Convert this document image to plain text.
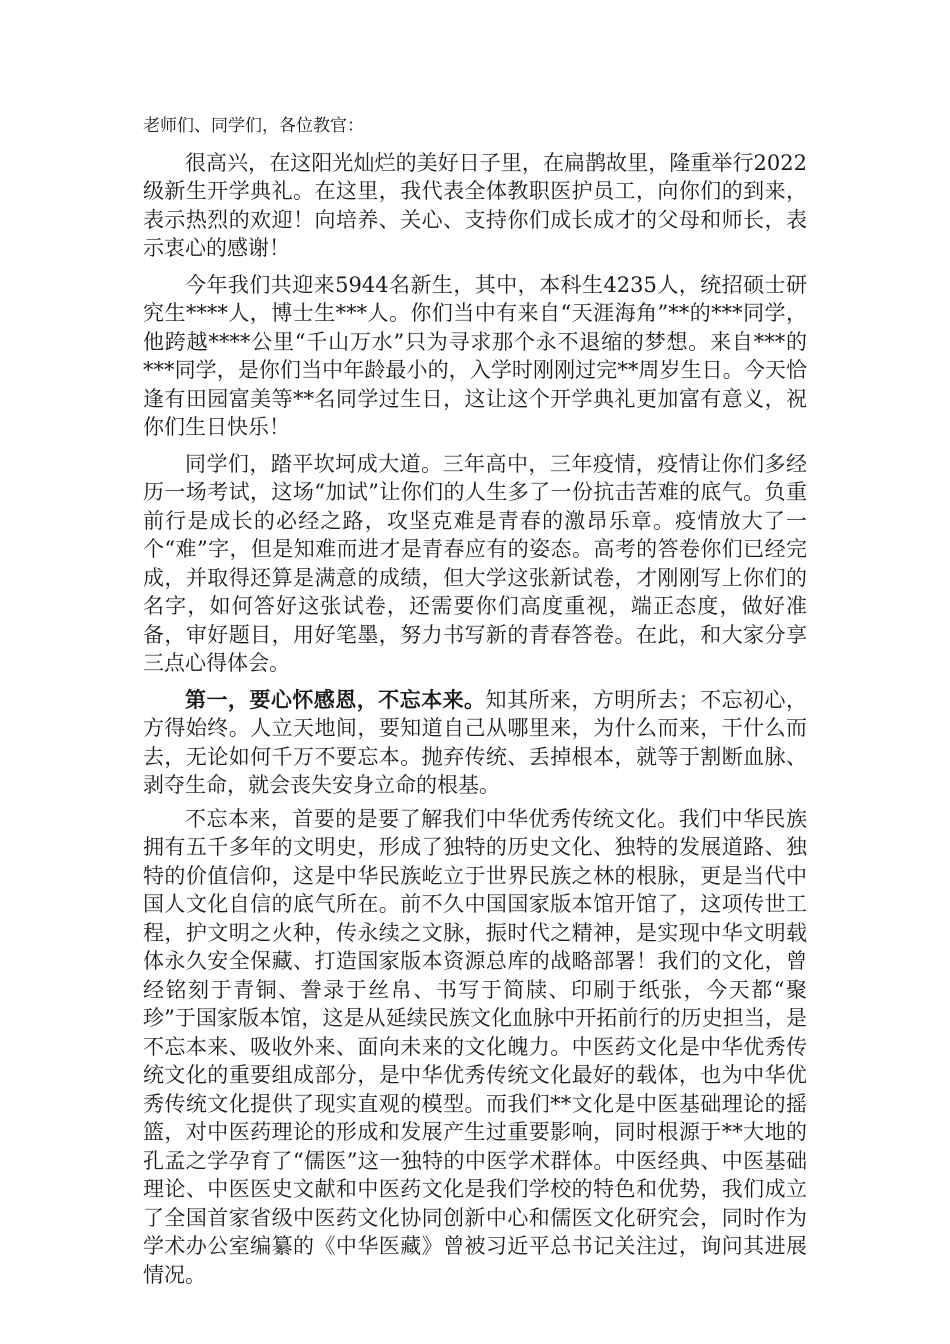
老师们、同学们，各位教官：

很高兴，在这阳光灿烂的美好日子里，在扁鹊故里，隆重举行2022级新生开学典礼。在这里，我代表全体教职医护员工，向你们的到来，表示热烈的欢迎！向培养、关心、支持你们成长成才的父母和师长，表示衷心的感谢！

今年我们共迎来5944名新生，其中，本科生4235人，统招硕士研究生****人，博士生***人。你们当中有来自“天涯海角”**的***同学，他跨越****公里“千山万水”只为寻求那个永不退缩的梦想。来自***的***同学，是你们当中年龄最小的，入学时刚刚过完**周岁生日。今天恰逢有田园富美等**名同学过生日，这让这个开学典礼更加富有意义，祝你们生日快乐！

同学们，踏平坎坷成大道。三年高中，三年疫情，疫情让你们多经历一场考试，这场“加试”让你们的人生多了一份抗击苦难的底气。负重前行是成长的必经之路，攻坚克难是青春的激昂乐章。疫情放大了一个“难”字，但是知难而进才是青春应有的姿态。高考的答卷你们已经完成，并取得还算是满意的成绩，但大学这张新试卷，才刚刚写上你们的名字，如何答好这张试卷，还需要你们高度重视，端正态度，做好准备，审好题目，用好笔墨，努力书写新的青春答卷。在此，和大家分享三点心得体会。

第一，要心怀感恩，不忘本来。知其所来，方明所去；不忘初心，方得始终。人立天地间，要知道自己从哪里来，为什么而来，干什么而去，无论如何千万不要忘本。抛弃传统、丢掉根本，就等于割断血脉、剥夺生命，就会丧失安身立命的根基。

不忘本来，首要的是要了解我们中华优秀传统文化。我们中华民族拥有五千多年的文明史，形成了独特的历史文化、独特的发展道路、独特的价值信仰，这是中华民族屹立于世界民族之林的根脉，更是当代中国人文化自信的底气所在。前不久中国国家版本馆开馆了，这项传世工程，护文明之火种，传永续之文脉，振时代之精神，是实现中华文明载体永久安全保藏、打造国家版本资源总库的战略部署！我们的文化，曾经铭刻于青铜、誊录于丝帛、书写于简牍、印刷于纸张，今天都“聚珍”于国家版本馆，这是从延续民族文化血脉中开拓前行的历史担当，是不忘本来、吸收外来、面向未来的文化魄力。中医药文化是中华优秀传统文化的重要组成部分，是中华优秀传统文化最好的载体，也为中华优秀传统文化提供了现实直观的模型。而我们**文化是中医基础理论的摇篮，对中医药理论的形成和发展产生过重要影响，同时根源于**大地的孔孟之学孕育了“儒医”这一独特的中医学术群体。中医经典、中医基础理论、中医医史文献和中医药文化是我们学校的特色和优势，我们成立了全国首家省级中医药文化协同创新中心和儒医文化研究会，同时作为学术办公室编纂的《中华医藏》曾被习近平总书记关注过，询问其进展情况。
